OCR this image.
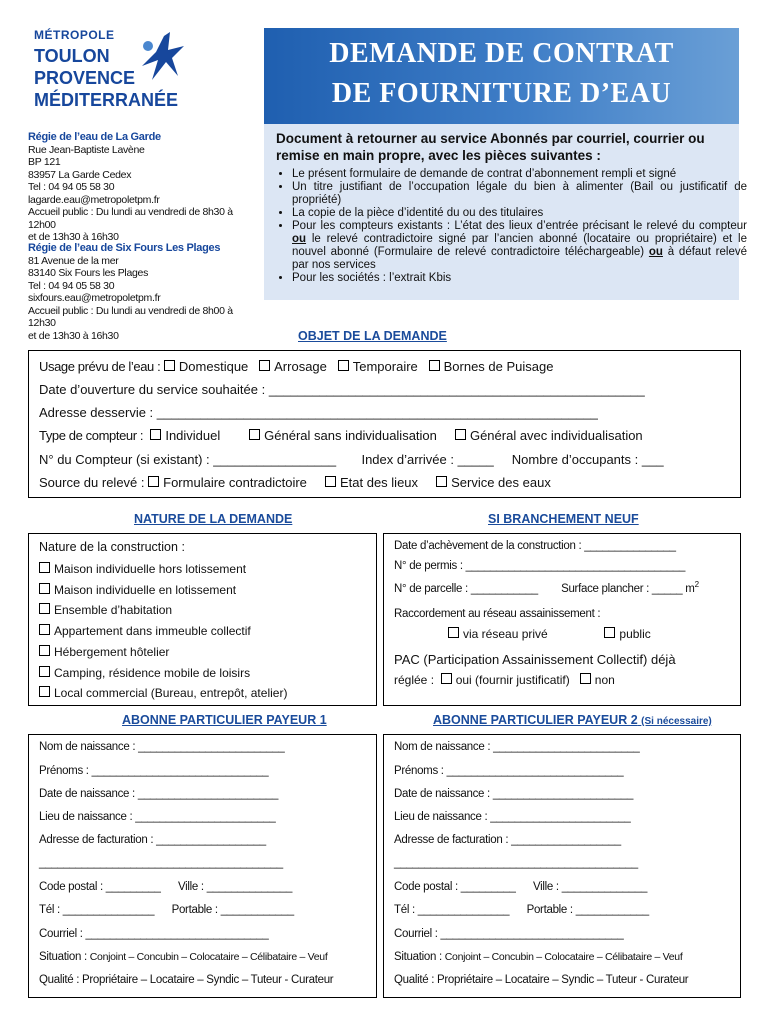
MÉTROPOLE
TOULON
PROVENCE
MÉDITERRANÉE
DEMANDE DE CONTRAT
DE FOURNITURE D’EAU
Document à retourner au service Abonnés par courriel, courrier ou remise en main propre, avec les pièces suivantes :
• Le présent formulaire de demande de contrat d’abonnement rempli et signé
• Un titre justifiant de l’occupation légale du bien à alimenter (Bail ou justificatif de propriété)
• La copie de la pièce d’identité du ou des titulaires
• Pour les compteurs existants : L’état des lieux d’entrée précisant le relevé du compteur ou le relevé contradictoire signé par l’ancien abonné (locataire ou propriétaire) et le nouvel abonné (Formulaire de relevé contradictoire téléchargeable) ou à défaut relevé par nos services
• Pour les sociétés : l’extrait Kbis
Régie de l’eau de La Garde
Rue Jean-Baptiste Lavène
BP 121
83957 La Garde Cedex
Tel : 04 94 05 58 30
lagarde.eau@metropoletpm.fr
Accueil public : Du lundi au vendredi de 8h30 à 12h00
et de 13h30 à 16h30
Régie de l’eau de Six Fours Les Plages
81 Avenue de la mer
83140 Six Fours les Plages
Tel : 04 94 05 58 30
sixfours.eau@metropoletpm.fr
Accueil public : Du lundi au vendredi de 8h00 à 12h30
et de 13h30 à 16h30	OBJET DE LA DEMANDE
Usage prévu de l’eau : Domestique Arrosage Temporaire Bornes de Puisage
Date d’ouverture du service souhaitée : ____________________________________________________
Adresse desservie : _____________________________________________________________
Type de compteur : Individuel	Général sans individualisation	Général avec individualisation
N° du Compteur (si existant) : _________________ Index d’arrivée : _____ Nombre d’occupants : ___
Source du relevé : Formulaire contradictoire	Etat des lieux	Service des eaux
NATURE DE LA DEMANDE
Nature de la construction :
Maison individuelle hors lotissement
Maison individuelle en lotissement
Ensemble d’habitation
Appartement dans immeuble collectif
Hébergement hôtelier
Camping, résidence mobile de loisirs
Local commercial (Bureau, entrepôt, atelier)
SI BRANCHEMENT NEUF
Date d’achèvement de la construction : _______________
N° de permis : ____________________________________
N° de parcelle : ___________ Surface plancher : _____ $m^2$
Raccordement au réseau assainissement :
via réseau privé	public
PAC (Participation Assainissement Collectif) déjà
réglée : oui (fournir justificatif) non
ABONNE PARTICULIER PAYEUR 1
Nom de naissance : ________________________
Prénoms : _____________________________
Date de naissance : _______________________
Lieu de naissance : _______________________
Adresse de facturation : __________________
________________________________________
Code postal : _________ Ville : ______________
Tél : _______________ Portable : ____________
Courriel : ______________________________
Situation : Conjoint – Concubin – Colocataire – Célibataire – Veuf
Qualité : Propriétaire – Locataire – Syndic – Tuteur - Curateur
ABONNE PARTICULIER PAYEUR 2 (Si nécessaire)
Nom de naissance : ________________________
Prénoms : _____________________________
Date de naissance : _______________________
Lieu de naissance : _______________________
Adresse de facturation : __________________
________________________________________
Code postal : _________ Ville : ______________
Tél : _______________ Portable : ____________
Courriel : ______________________________
Situation : Conjoint – Concubin – Colocataire – Célibataire – Veuf
Qualité : Propriétaire – Locataire – Syndic – Tuteur - Curateur
